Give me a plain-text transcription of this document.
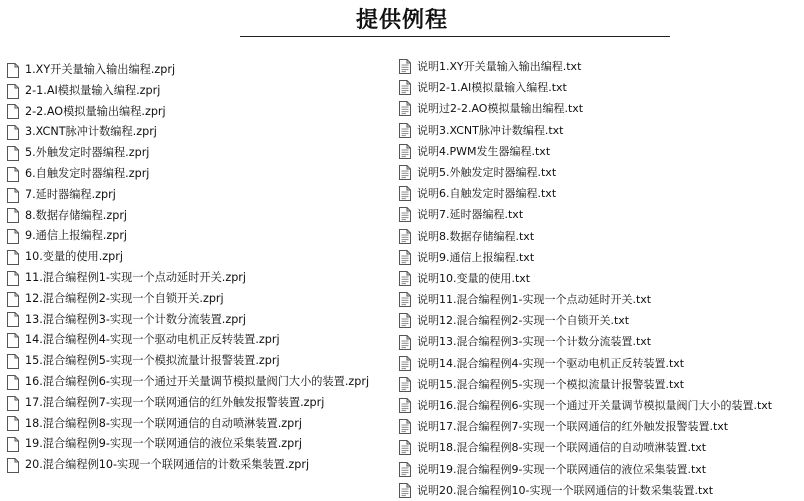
提供例程
1.XY开关量输入输出编程.zprj
2-1.AI模拟量输入编程.zprj
2-2.AO模拟量输出编程.zprj
3.XCNT脉冲计数编程.zprj
5.外触发定时器编程.zprj
6.自触发定时器编程.zprj
7.延时器编程.zprj
8.数据存储编程.zprj
9.通信上报编程.zprj
10.变量的使用.zprj
11.混合编程例1-实现一个点动延时开关.zprj
12.混合编程例2-实现一个自锁开关.zprj
13.混合编程例3-实现一个计数分流装置.zprj
14.混合编程例4-实现一个驱动电机正反转装置.zprj
15.混合编程例5-实现一个模拟流量计报警装置.zprj
16.混合编程例6-实现一个通过开关量调节模拟量阀门大小的装置.zprj
17.混合编程例7-实现一个联网通信的红外触发报警装置.zprj
18.混合编程例8-实现一个联网通信的自动喷淋装置.zprj
19.混合编程例9-实现一个联网通信的液位采集装置.zprj
20.混合编程例10-实现一个联网通信的计数采集装置.zprj
说明1.XY开关量输入输出编程.txt
说明2-1.AI模拟量输入编程.txt
说明过2-2.AO模拟量输出编程.txt
说明3.XCNT脉冲计数编程.txt
说明4.PWM发生器编程.txt
说明5.外触发定时器编程.txt
说明6.自触发定时器编程.txt
说明7.延时器编程.txt
说明8.数据存储编程.txt
说明9.通信上报编程.txt
说明10.变量的使用.txt
说明11.混合编程例1-实现一个点动延时开关.txt
说明12.混合编程例2-实现一个自锁开关.txt
说明13.混合编程例3-实现一个计数分流装置.txt
说明14.混合编程例4-实现一个驱动电机正反转装置.txt
说明15.混合编程例5-实现一个模拟流量计报警装置.txt
说明16.混合编程例6-实现一个通过开关量调节模拟量阀门大小的装置.txt
说明17.混合编程例7-实现一个联网通信的红外触发报警装置.txt
说明18.混合编程例8-实现一个联网通信的自动喷淋装置.txt
说明19.混合编程例9-实现一个联网通信的液位采集装置.txt
说明20.混合编程例10-实现一个联网通信的计数采集装置.txt
